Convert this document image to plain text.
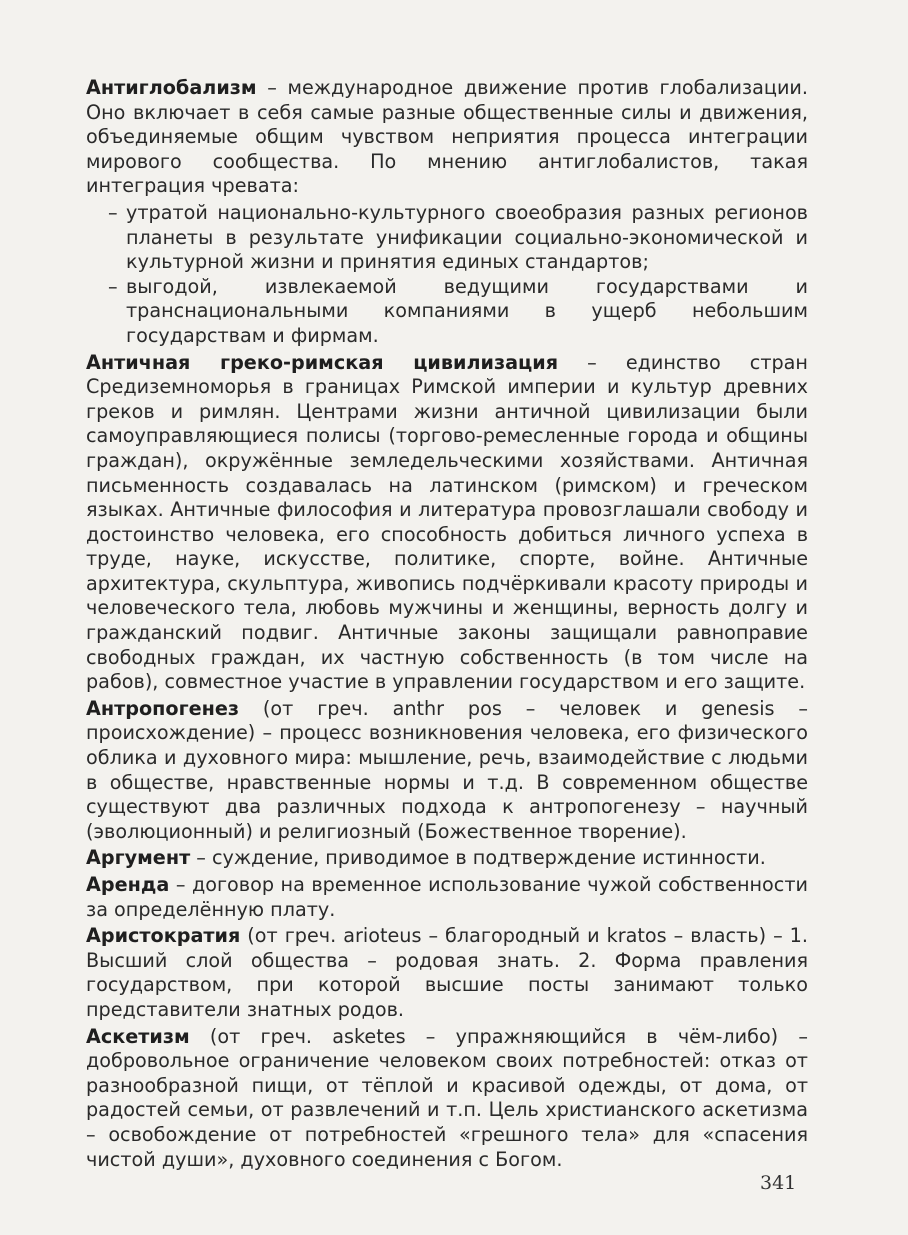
Антиглобализм – международное движение против глобализации. Оно включает в себя самые разные общественные силы и движения, объединяемые общим чувством неприятия процесса интеграции мирового сообщества. По мнению антиглобалистов, такая интеграция чревата:

– утратой национально-культурного своеобразия разных регионов планеты в результате унификации социально-экономической и культурной жизни и принятия единых стандартов;

– выгодой, извлекаемой ведущими государствами и транснациональными компаниями в ущерб небольшим государствам и фирмам.

Античная греко-римская цивилизация – единство стран Средиземноморья в границах Римской империи и культур древних греков и римлян. Центрами жизни античной цивилизации были самоуправляющиеся полисы (торгово-ремесленные города и общины граждан), окружённые земледельческими хозяйствами. Античная письменность создавалась на латинском (римском) и греческом языках. Античные философия и литература провозглашали свободу и достоинство человека, его способность добиться личного успеха в труде, науке, искусстве, политике, спорте, войне. Античные архитектура, скульптура, живопись подчёркивали красоту природы и человеческого тела, любовь мужчины и женщины, верность долгу и гражданский подвиг. Античные законы защищали равноправие свободных граждан, их частную собственность (в том числе на рабов), совместное участие в управлении государством и его защите.

Антропогенез (от греч. anthr pos – человек и genesis – происхождение) – процесс возникновения человека, его физического облика и духовного мира: мышление, речь, взаимодействие с людьми в обществе, нравственные нормы и т.д. В современном обществе существуют два различных подхода к антропогенезу – научный (эволюционный) и религиозный (Божественное творение).

Аргумент – суждение, приводимое в подтверждение истинности.

Аренда – договор на временное использование чужой собственности за определённую плату.

Аристократия (от греч. arioteus – благородный и kratos – власть) – 1. Высший слой общества – родовая знать. 2. Форма правления государством, при которой высшие посты занимают только представители знатных родов.

Аскетизм (от греч. asketes – упражняющийся в чём-либо) – добровольное ограничение человеком своих потребностей: отказ от разнообразной пищи, от тёплой и красивой одежды, от дома, от радостей семьи, от развлечений и т.п. Цель христианского аскетизма – освобождение от потребностей «грешного тела» для «спасения чистой души», духовного соединения с Богом.

341
